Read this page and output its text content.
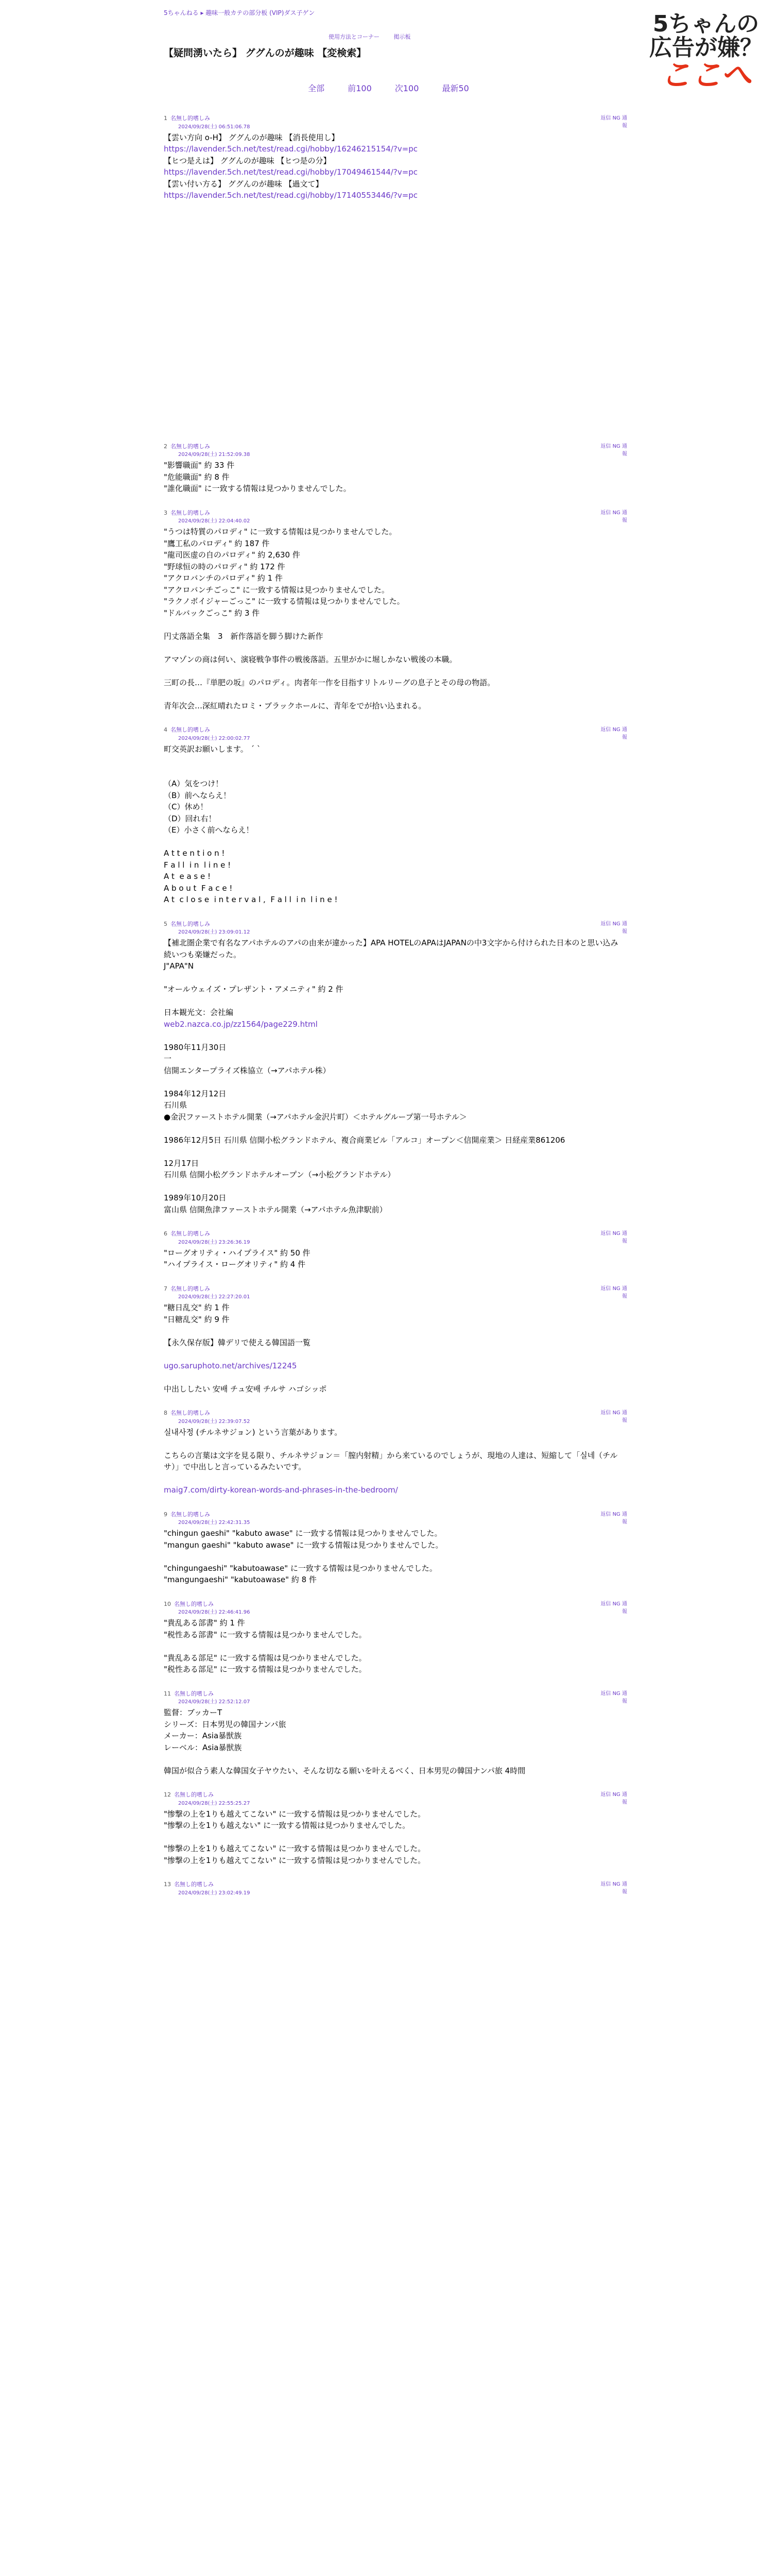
5ちゃんねる ▸ 趣味一般カテの部分板 (VIP)ダス子ゲン
使用方法とコーナー	掲示板
【疑問湧いたら】 ググんのが趣味 【変検索】
5ちゃんの
広告が嫌？
ここへ
全部	前100	次100	最新50
1 名無し的嗜しみ
2024/09/28(土) 06:51:06.78
返信 NG 通報
【雲い方向 o-H】 ググんのが趣味 【消長使用し】
https://lavender.5ch.net/test/read.cgi/hobby/16246215154/?v=pc
【ヒつ是えは】 ググんのが趣味 【ヒつ是の分】
https://lavender.5ch.net/test/read.cgi/hobby/17049461544/?v=pc
【雲い付い方る】 ググんのが趣味 【過文て】
https://lavender.5ch.net/test/read.cgi/hobby/17140553446/?v=pc
2 名無し的嗜しみ
2024/09/28(土) 21:52:09.38
返信 NG 通報
"影響職面" 約 33 件
"危能職面" 約 8 件
"誰化職面" に一致する情報は見つかりませんでした。
3 名無し的嗜しみ
2024/09/28(土) 22:04:40.02
返信 NG 通報
"うつは特質のパロディ" に一致する情報は見つかりませんでした。
"鷹工私のパロディ" 約 187 件
"龍司医虚の自のパロディ" 約 2,630 件
"野球恒の時のパロディ" 約 172 件
"アクロバンチのパロディ" 約 1 件
"アクロバンチごっこ" に一致する情報は見つかりませんでした。
"ラクノボイジャーごっこ" に一致する情報は見つかりませんでした。
"ドルバックごっこ" 約 3 件

円丈落語全集　3　新作落語を脚う脚けた新作

アマゾンの商は何い、演寝戦争事件の戦後落語。五里がかに堀しかない戦後の本職。

三町の長…『単肥の坂』のパロディ。肉者年一作を目指すリトルリーグの息子とその母の物語。

青年次会…深紅晴れたロミ・ブラックホールに、青年をでが拾い込まれる。
4 名無し的嗜しみ
2024/09/28(土) 22:00:02.77
返信 NG 通報
町交英訳お願いします。 ´ `

（A）気をつけ！
（B）前へならえ！
（C）休め！
（D）回れ右！
（E）小さく前へならえ！

A t t e n t i o n !
F a l l  i n  l i n e !
A t  e a s e !
A b o u t  F a c e !
A t  c l o s e  i n t e r v a l ,  F a l l  i n  l i n e !
5 名無し的嗜しみ
2024/09/28(土) 23:09:01.12
返信 NG 通報
【補北圏企業で有名なアパホテルのアパの由来が違かった】APA HOTELのAPAはJAPANの中3文字から付けられた日本のと思い込み 続いつも楽嫌だった。
J"APA"N

"オールウェイズ・プレザント・アメニティ" 約 2 件

日本観光文：会社編
web2.nazca.co.jp/zz1564/page229.html

1980年11月30日
一
信開エンタープライズ株協立（→アパホテル株）

1984年12月12日
石川県
●金沢ファーストホテル開業（→アパホテル金沢片町）＜ホテルグループ第一号ホテル＞

1986年12月5日 石川県 信開小松グランドホテル、複合商業ビル「アルコ」オープン＜信開産業＞ 日経産業861206

12月17日
石川県 信開小松グランドホテルオープン（→小松グランドホテル）

1989年10月20日
富山県 信開魚津ファーストホテル開業（→アパホテル魚津駅前）
6 名無し的嗜しみ
2024/09/28(土) 23:26:36.19
返信 NG 通報
"ローグオリティ・ハイプライス" 約 50 件
"ハイプライス・ローグオリティ" 約 4 件
7 名無し的嗜しみ
2024/09/28(土) 22:27:20.01
返信 NG 通報
"糖日乱交" 約 1 件
"日糖乱交" 約 9 件

【永久保存版】韓デリで使える韓国語一覧

ugo.saruphoto.net/archives/12245

中出ししたい 安배 チュ安배 チルサ ハゴシッポ
8 名無し的嗜しみ
2024/09/28(土) 22:39:07.52
返信 NG 通報
실내사정 (チルネサジョン) という言葉があります。

こちらの言葉は文字を見る限り、チルネサジョン＝「膣内射精」から来ているのでしょうが、現地の人達は、短縮して「실네（チルサ）」で中出しと言っているみたいです。

maig7.com/dirty-korean-words-and-phrases-in-the-bedroom/
9 名無し的嗜しみ
2024/09/28(土) 22:42:31.35
返信 NG 通報
"chingun gaeshi" "kabuto awase" に一致する情報は見つかりませんでした。
"mangun gaeshi" "kabuto awase" に一致する情報は見つかりませんでした。

"chingungaeshi" "kabutoawase" に一致する情報は見つかりませんでした。
"mangungaeshi" "kabutoawase" 約 8 件
10 名無し的嗜しみ
2024/09/28(土) 22:46:41.96
返信 NG 通報
"貴乱ある部書" 約 1 件
"税性ある部書" に一致する情報は見つかりませんでした。

"貴乱ある部足" に一致する情報は見つかりませんでした。
"税性ある部足" に一致する情報は見つかりませんでした。
11 名無し的嗜しみ
2024/09/28(土) 22:52:12.07
返信 NG 通報
監督：ブッカーT
シリーズ：日本男児の韓国ナンパ旅
メーカー：Asia暴獣族
レーベル：Asia暴獣族

韓国が似合う素人な韓国女子ヤウたい、そんな切なる願いを叶えるべく、日本男児の韓国ナンパ旅 4時間
12 名無し的嗜しみ
2024/09/28(土) 22:55:25.27
返信 NG 通報
"惨撃の上を1りも越えてこない" に一致する情報は見つかりませんでした。
"惨撃の上を1りも越えない" に一致する情報は見つかりませんでした。

"惨撃の上を1りも越えてこない" に一致する情報は見つかりませんでした。
"惨撃の上を1りも越えてこない" に一致する情報は見つかりませんでした。
13 名無し的嗜しみ
2024/09/28(土) 23:02:49.19
返信 NG 通報
